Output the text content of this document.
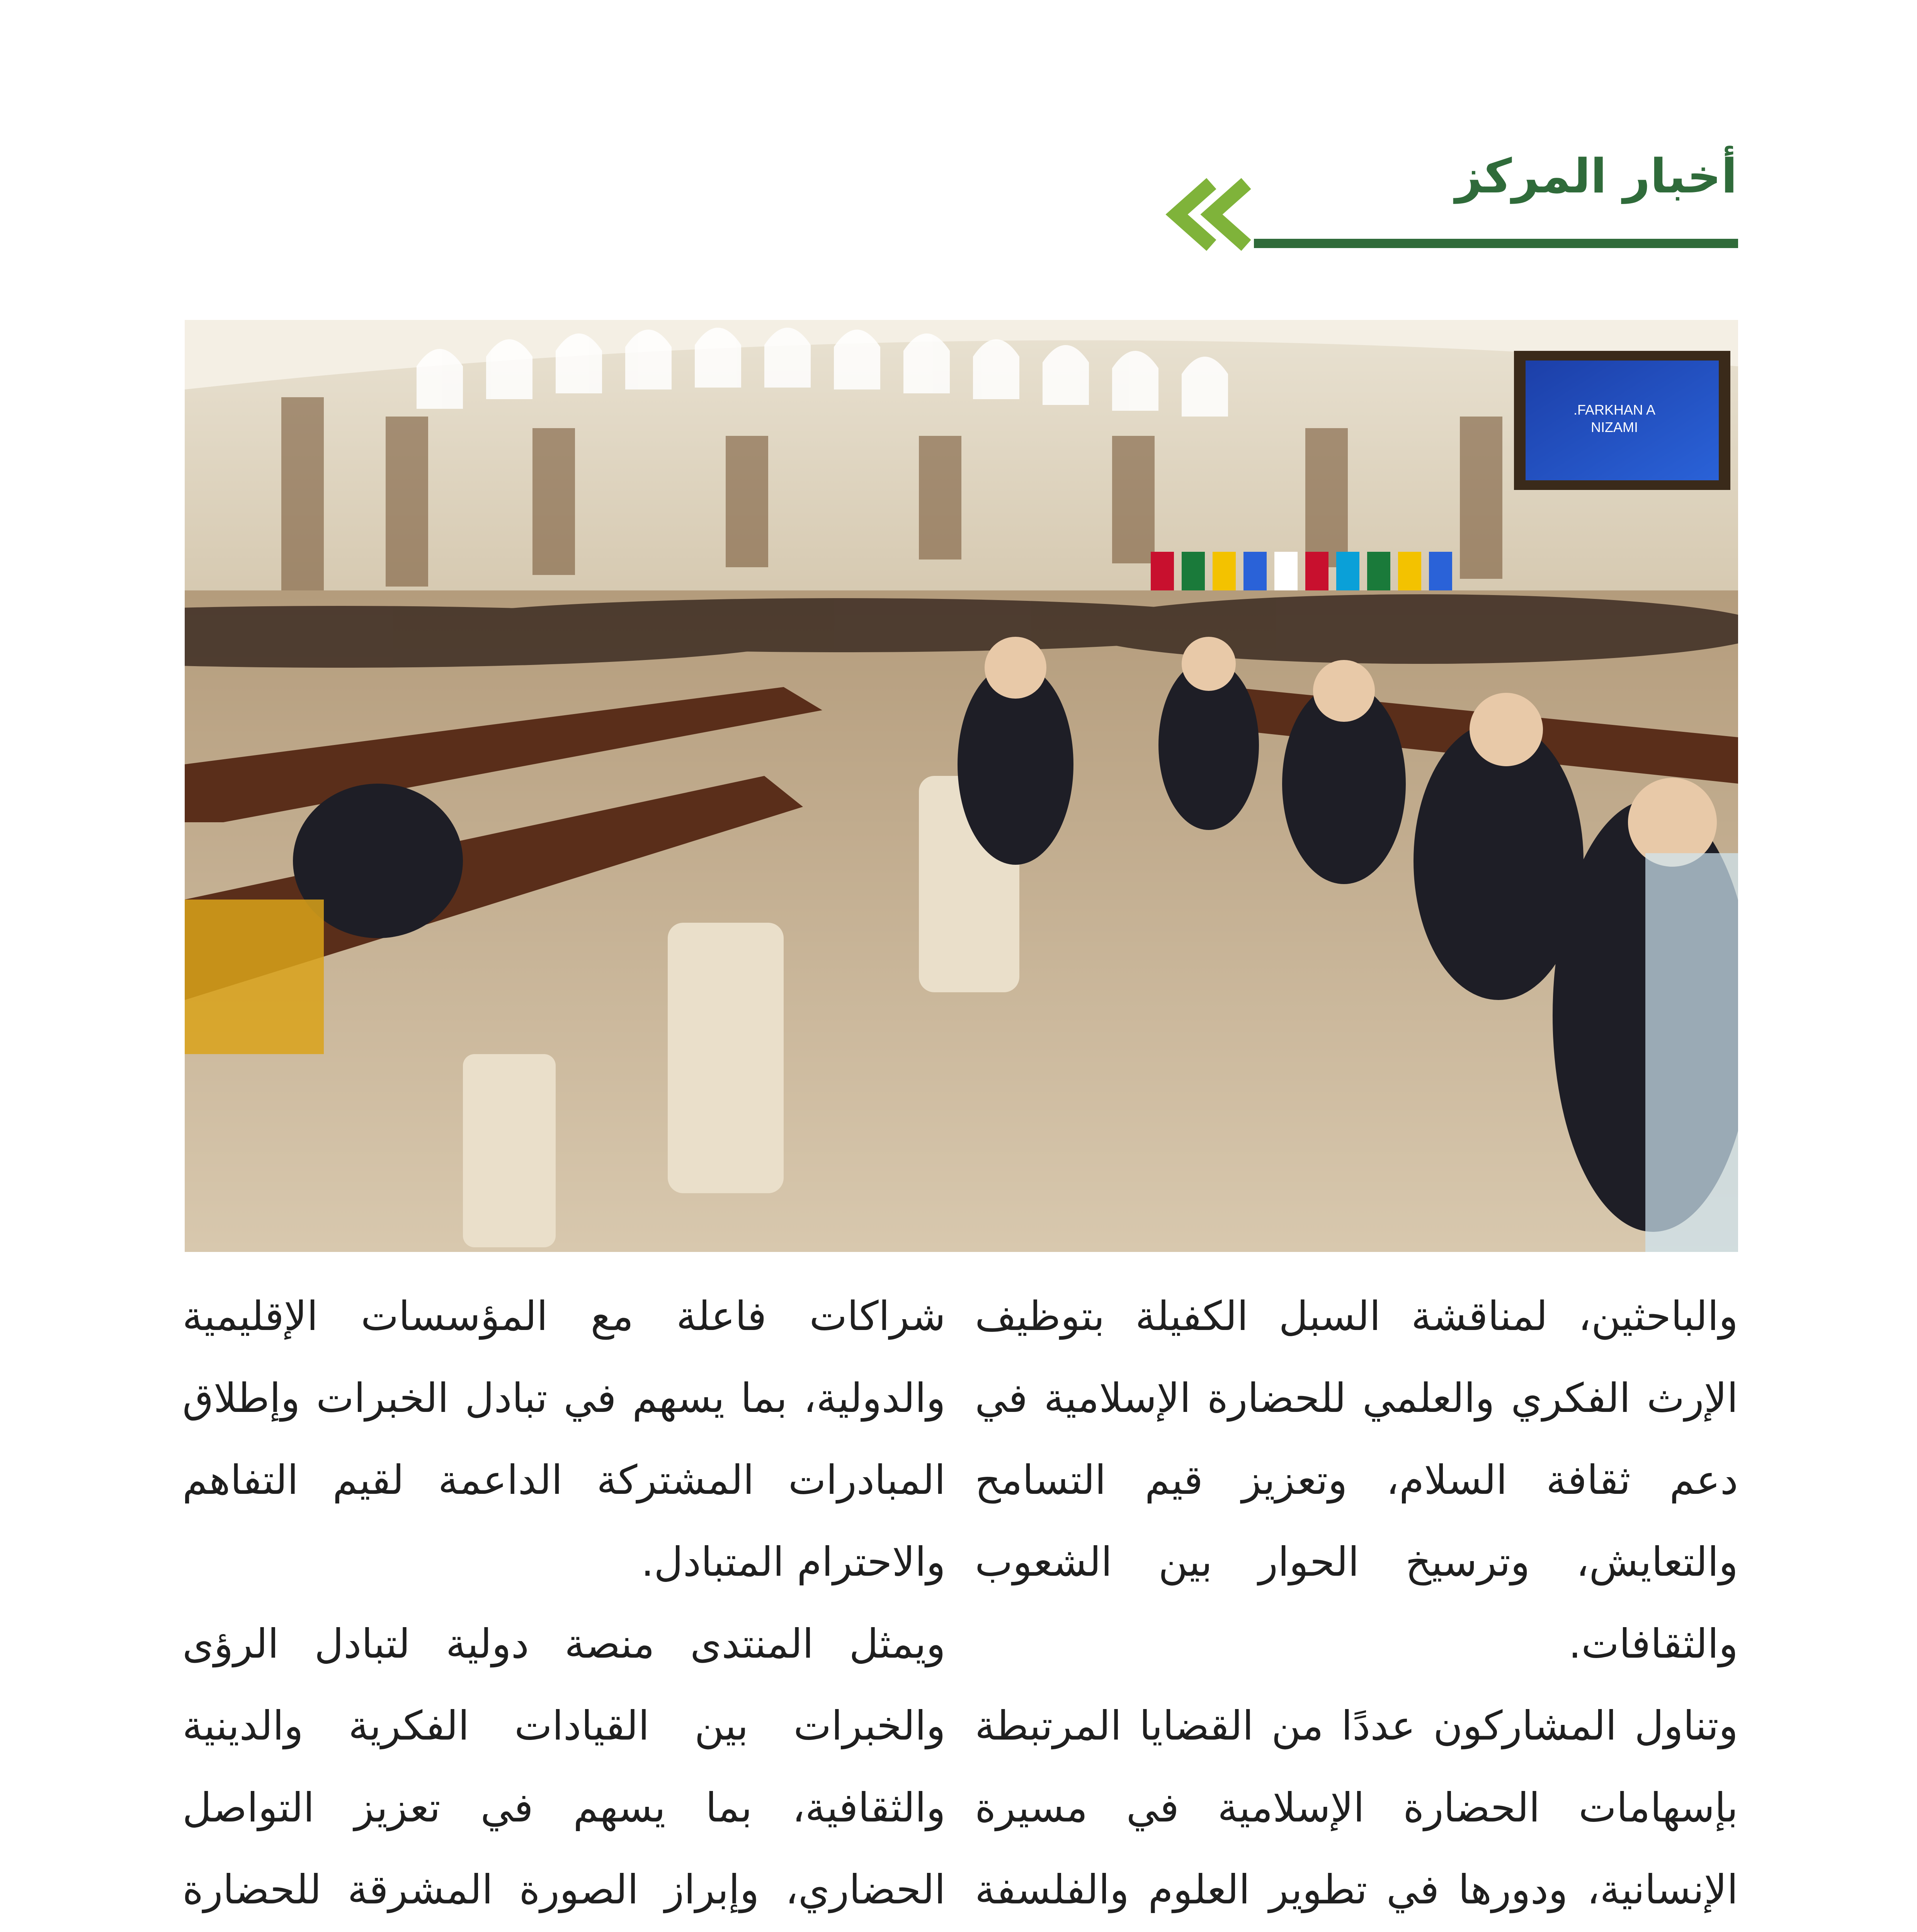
أخبار المركز
FARKHAN A.
NIZAMI

والباحثين، لمناقشة السبل الكفيلة بتوظيف الإرث الفكري والعلمي للحضارة الإسلامية في دعم ثقافة السلام، وتعزيز قيم التسامح والتعايش، وترسيخ الحوار بين الشعوب والثقافات.

وتناول المشاركون عددًا من القضايا المرتبطة بإسهامات الحضارة الإسلامية في مسيرة الإنسانية، ودورها في تطوير العلوم والفلسفة

شراكات فاعلة مع المؤسسات الإقليمية والدولية، بما يسهم في تبادل الخبرات وإطلاق المبادرات المشتركة الداعمة لقيم التفاهم والاحترام المتبادل.

ويمثل المنتدى منصة دولية لتبادل الرؤى والخبرات بين القيادات الفكرية والدينية والثقافية، بما يسهم في تعزيز التواصل الحضاري، وإبراز الصورة المشرقة للحضارة
